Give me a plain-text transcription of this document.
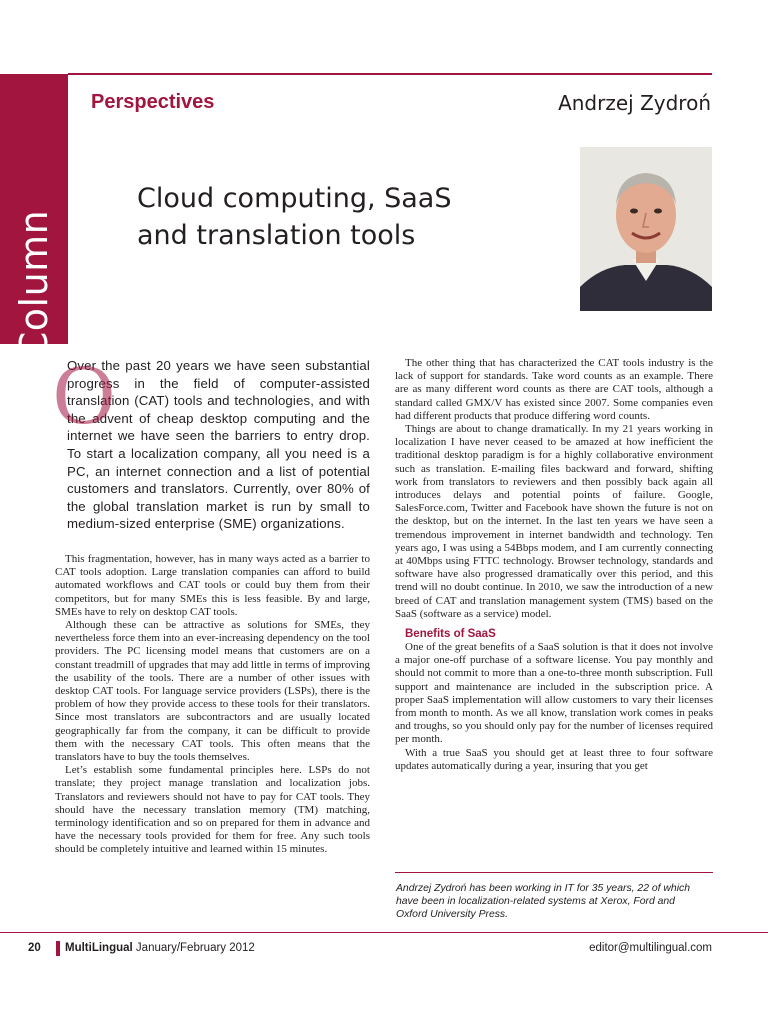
Column
Perspectives	Andrzej Zydroń
Cloud computing, SaaS
and translation tools
O

Over the past 20 years we have seen substantial progress in the field of computer-assisted translation (CAT) tools and technologies, and with the advent of cheap desktop computing and the internet we have seen the barriers to entry drop. To start a localization company, all you need is a PC, an internet connection and a list of potential customers and translators. Currently, over 80% of the global translation market is run by small to medium-sized enterprise (SME) organizations.

This fragmentation, however, has in many ways acted as a barrier to CAT tools adoption. Large translation companies can afford to build automated workflows and CAT tools or could buy them from their competitors, but for many SMEs this is less feasible. By and large, SMEs have to rely on desktop CAT tools.

Although these can be attractive as solutions for SMEs, they nevertheless force them into an ever-increasing dependency on the tool providers. The PC licensing model means that customers are on a constant treadmill of upgrades that may add little in terms of improving the usability of the tools. There are a number of other issues with desktop CAT tools. For language service providers (LSPs), there is the problem of how they provide access to these tools for their translators. Since most translators are subcontractors and are usually located geographically far from the company, it can be difficult to provide them with the necessary CAT tools. This often means that the translators have to buy the tools themselves.

Let’s establish some fundamental principles here. LSPs do not translate; they project manage translation and localization jobs. Translators and reviewers should not have to pay for CAT tools. They should have the necessary translation memory (TM) matching, terminology identification and so on prepared for them in advance and have the necessary tools provided for them for free. Any such tools should be completely intuitive and learned within 15 minutes.

The other thing that has characterized the CAT tools industry is the lack of support for standards. Take word counts as an example. There are as many different word counts as there are CAT tools, although a standard called GMX/V has existed since 2007. Some companies even had different products that produce differing word counts.

Things are about to change dramatically. In my 21 years working in localization I have never ceased to be amazed at how inefficient the traditional desktop paradigm is for a highly collaborative environment such as translation. E-mailing files backward and forward, shifting work from translators to reviewers and then possibly back again all introduces delays and potential points of failure. Google, SalesForce.com, Twitter and Facebook have shown the future is not on the desktop, but on the internet. In the last ten years we have seen a tremendous improvement in internet bandwidth and technology. Ten years ago, I was using a 54Bbps modem, and I am currently connecting at 40Mbps using FTTC technology. Browser technology, standards and software have also progressed dramatically over this period, and this trend will no doubt continue. In 2010, we saw the introduction of a new breed of CAT and translation management system (TMS) based on the SaaS (software as a service) model.

Benefits of SaaS

One of the great benefits of a SaaS solution is that it does not involve a major one-off purchase of a software license. You pay monthly and should not commit to more than a one-to-three month subscription. Full support and maintenance are included in the subscription price. A proper SaaS implementation will allow customers to vary their licenses from month to month. As we all know, translation work comes in peaks and troughs, so you should only pay for the number of licenses required per month.

With a true SaaS you should get at least three to four software updates automatically during a year, insuring that you get

Andrzej Zydroń has been working in IT for 35 years, 22 of which have been in localization-related systems at Xerox, Ford and Oxford University Press.

20 MultiLingual January/February 2012	editor@multilingual.com
